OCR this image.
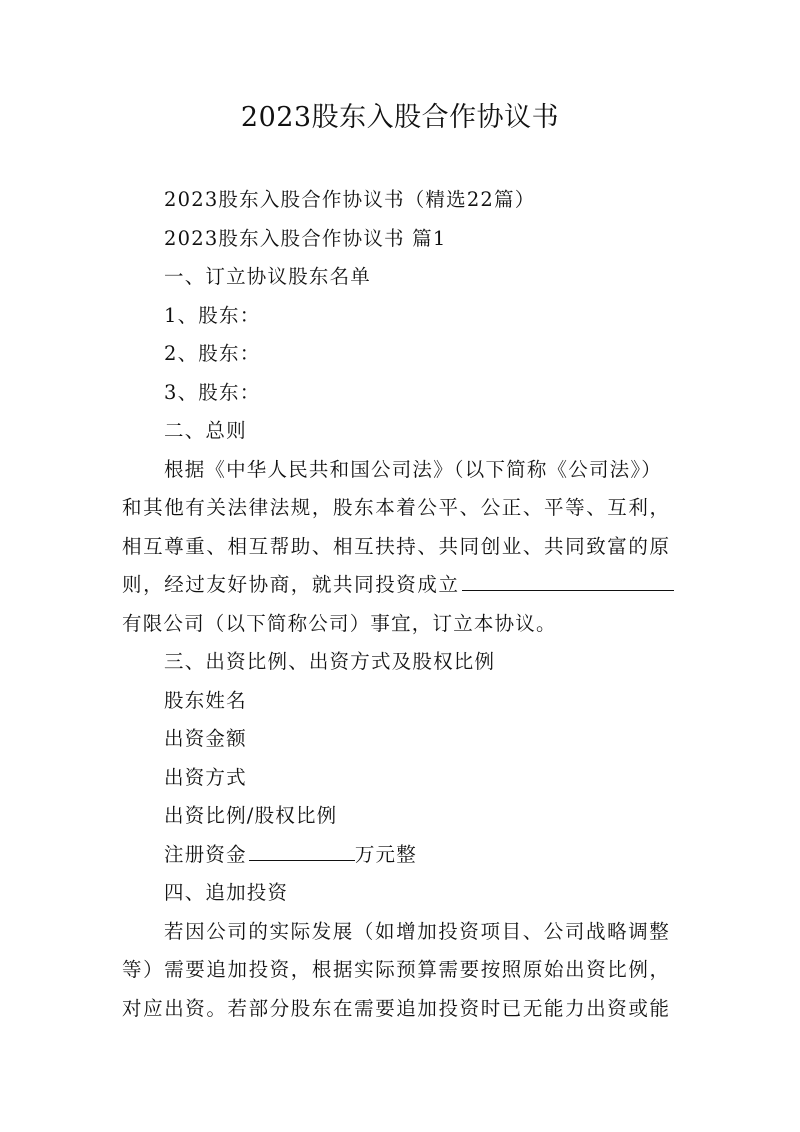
2023股东入股合作协议书
2023股东入股合作协议书（精选22篇）
2023股东入股合作协议书 篇1
一、订立协议股东名单
1、股东：
2、股东：
3、股东：
二、总则
根据《中华人民共和国公司法》（以下简称《公司法》）
和其他有关法律法规，股东本着公平、公正、平等、互利，
相互尊重、相互帮助、相互扶持、共同创业、共同致富的原
则，经过友好协商，就共同投资成立
有限公司（以下简称公司）事宜，订立本协议。
三、出资比例、出资方式及股权比例
股东姓名
出资金额
出资方式
出资比例/股权比例
注册资金	万元整
四、追加投资
若因公司的实际发展（如增加投资项目、公司战略调整
等）需要追加投资，根据实际预算需要按照原始出资比例，
对应出资。若部分股东在需要追加投资时已无能力出资或能
